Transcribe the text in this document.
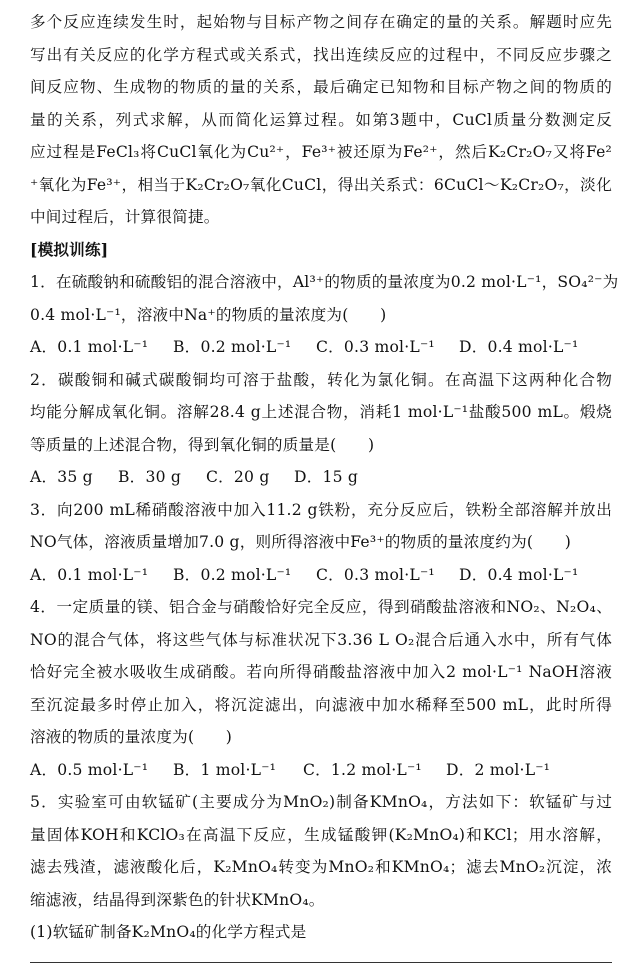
多个反应连续发生时，起始物与目标产物之间存在确定的量的关系。解题时应先
写出有关反应的化学方程式或关系式，找出连续反应的过程中，不同反应步骤之
间反应物、生成物的物质的量的关系，最后确定已知物和目标产物之间的物质的
量的关系，列式求解，从而简化运算过程。如第3题中，CuCl质量分数测定反
应过程是FeCl₃将CuCl氧化为Cu²⁺，Fe³⁺被还原为Fe²⁺，然后K₂Cr₂O₇又将Fe²
⁺氧化为Fe³⁺，相当于K₂Cr₂O₇氧化CuCl，得出关系式：6CuCl～K₂Cr₂O₇，淡化
中间过程后，计算很简捷。
[模拟训练]
1．在硫酸钠和硫酸铝的混合溶液中，Al³⁺的物质的量浓度为0.2 mol·L⁻¹，SO₄²⁻为
0.4 mol·L⁻¹，溶液中Na⁺的物质的量浓度为(　　)
A．0.1 mol·L⁻¹	B．0.2 mol·L⁻¹	C．0.3 mol·L⁻¹	D．0.4 mol·L⁻¹
2．碳酸铜和碱式碳酸铜均可溶于盐酸，转化为氯化铜。在高温下这两种化合物
均能分解成氧化铜。溶解28.4 g上述混合物，消耗1 mol·L⁻¹盐酸500 mL。煅烧
等质量的上述混合物，得到氧化铜的质量是(　　)
A．35 g	B．30 g	C．20 g	D．15 g
3．向200 mL稀硝酸溶液中加入11.2 g铁粉，充分反应后，铁粉全部溶解并放出
NO气体，溶液质量增加7.0 g，则所得溶液中Fe³⁺的物质的量浓度约为(　　)
A．0.1 mol·L⁻¹	B．0.2 mol·L⁻¹	C．0.3 mol·L⁻¹	D．0.4 mol·L⁻¹
4．一定质量的镁、铝合金与硝酸恰好完全反应，得到硝酸盐溶液和NO₂、N₂O₄、
NO的混合气体，将这些气体与标准状况下3.36 L O₂混合后通入水中，所有气体
恰好完全被水吸收生成硝酸。若向所得硝酸盐溶液中加入2 mol·L⁻¹ NaOH溶液
至沉淀最多时停止加入，将沉淀滤出，向滤液中加水稀释至500 mL，此时所得
溶液的物质的量浓度为(　　)
A．0.5 mol·L⁻¹	B．1 mol·L⁻¹	C．1.2 mol·L⁻¹	D．2 mol·L⁻¹
5．实验室可由软锰矿(主要成分为MnO₂)制备KMnO₄，方法如下：软锰矿与过
量固体KOH和KClO₃在高温下反应，生成锰酸钾(K₂MnO₄)和KCl；用水溶解，
滤去残渣，滤液酸化后，K₂MnO₄转变为MnO₂和KMnO₄；滤去MnO₂沉淀，浓
缩滤液，结晶得到深紫色的针状KMnO₄。
(1)软锰矿制备K₂MnO₄的化学方程式是
